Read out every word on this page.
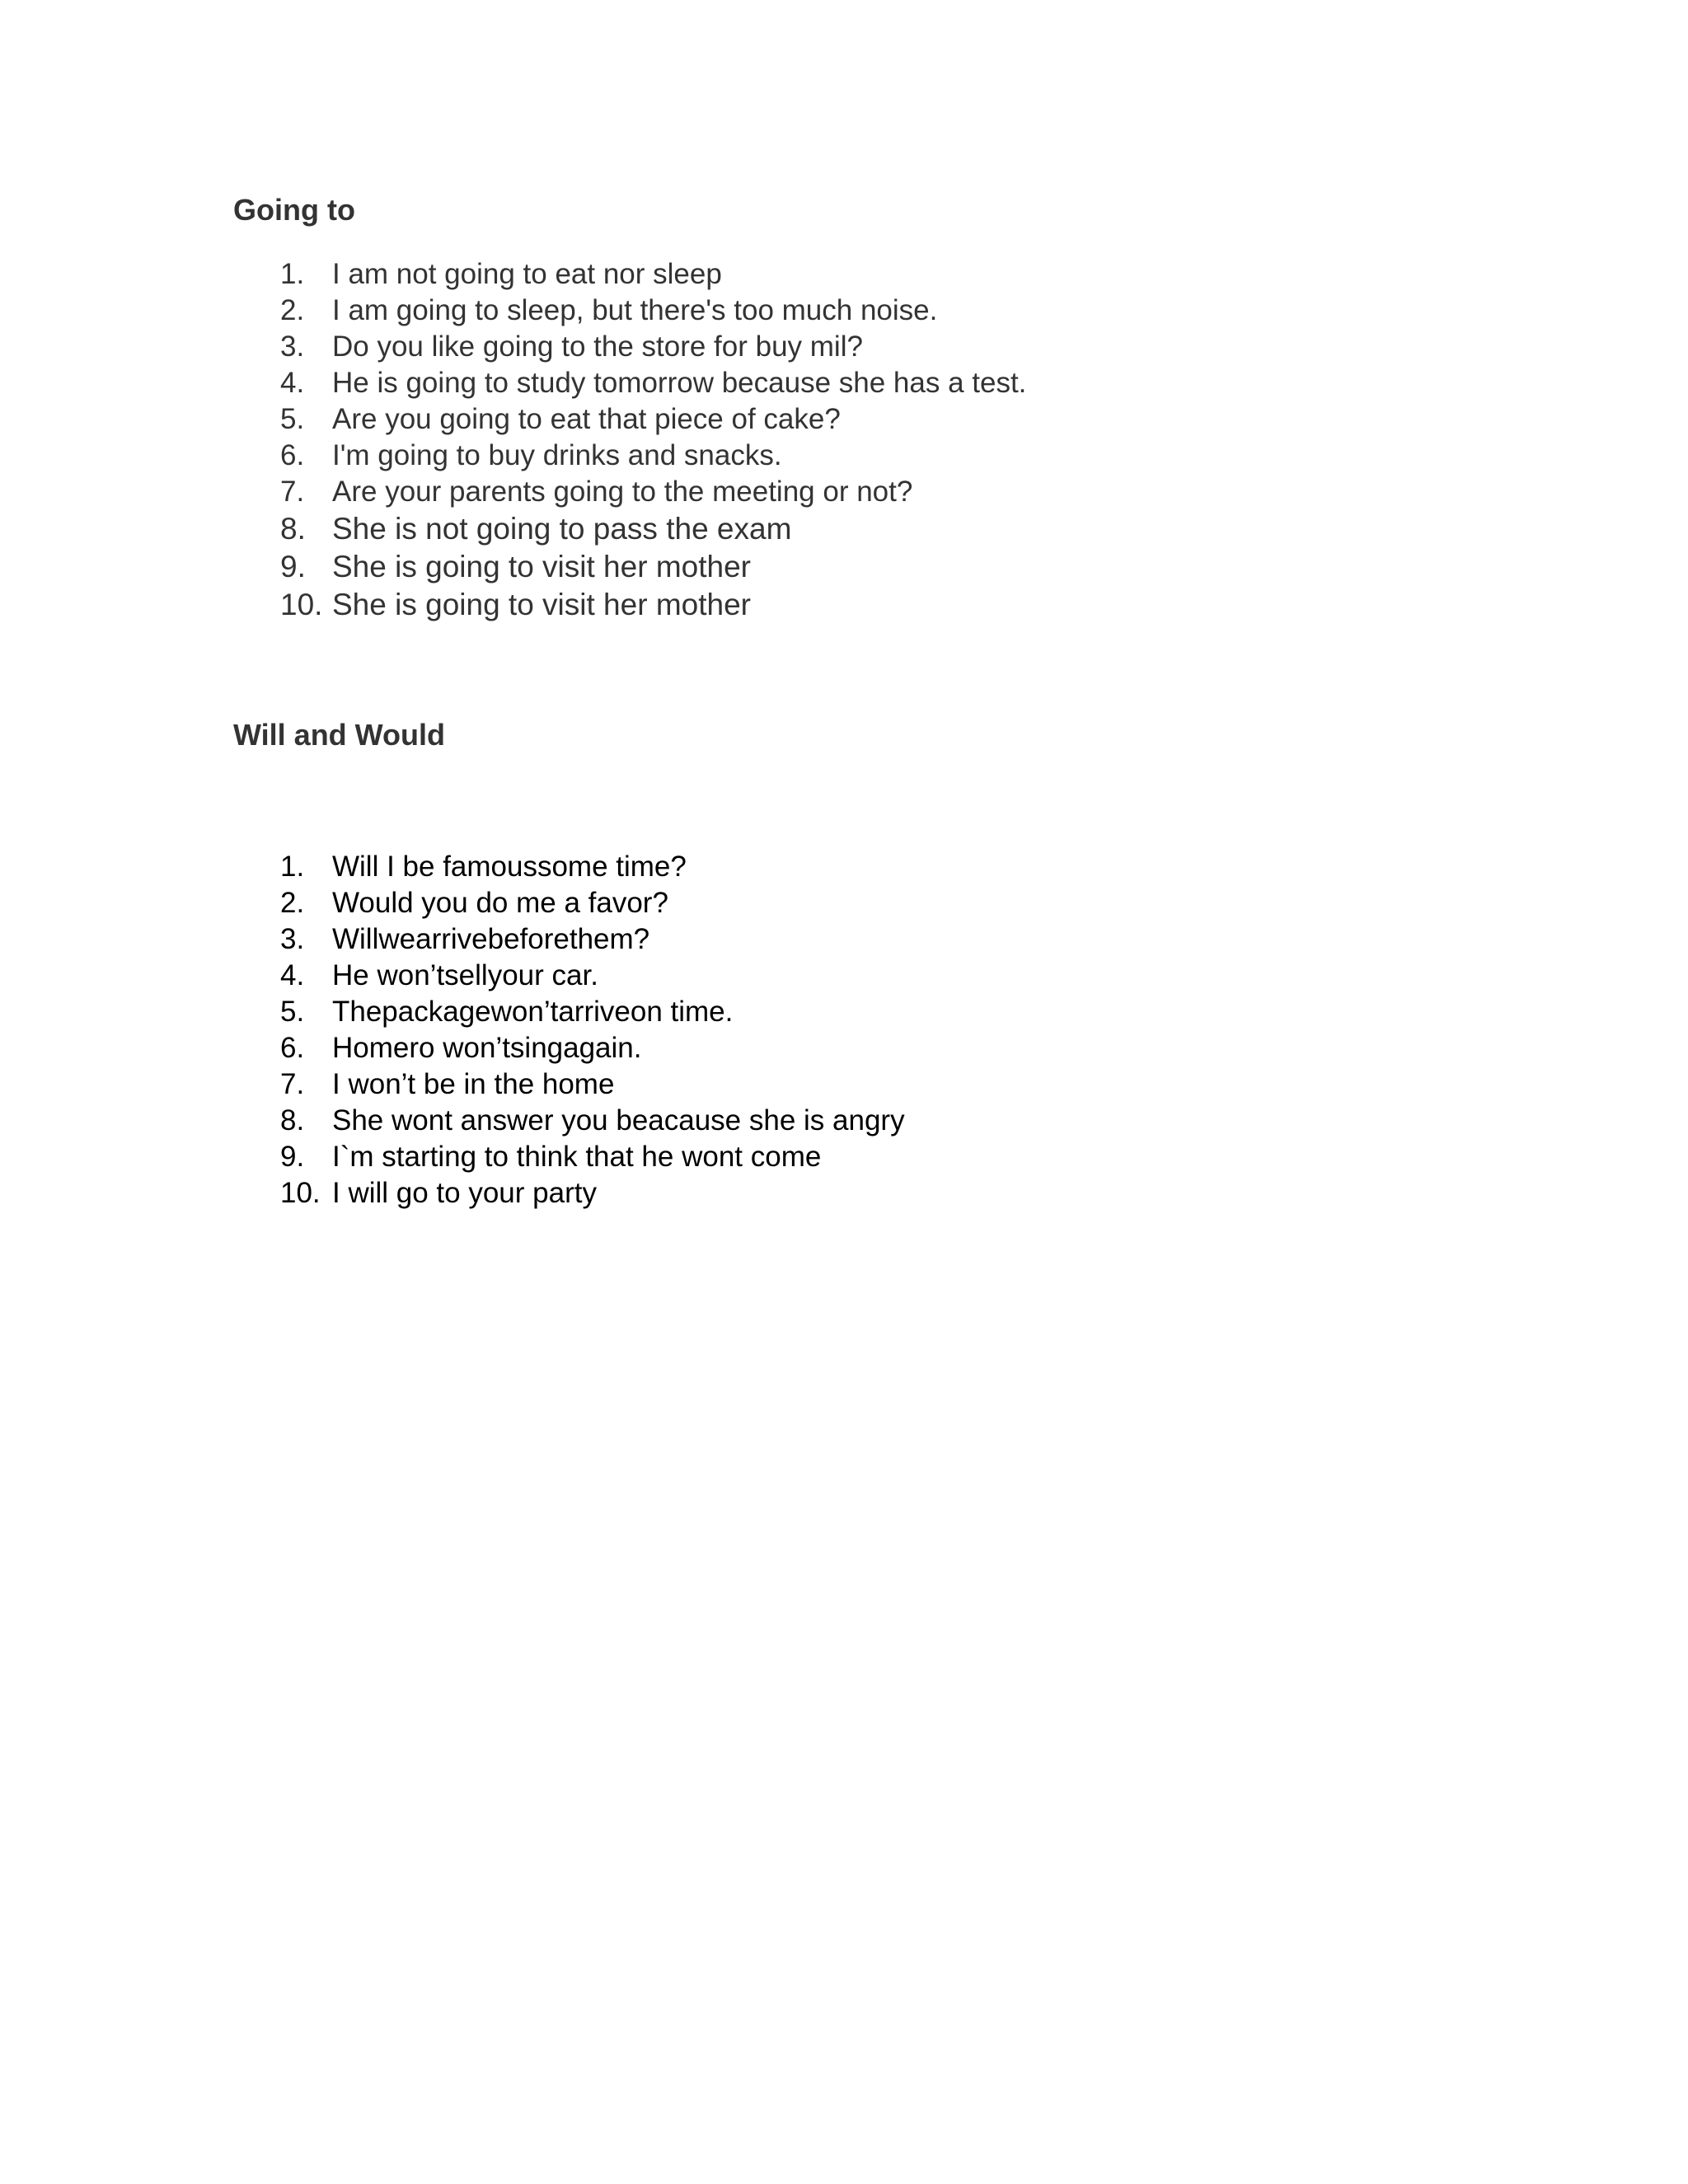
Going to
1. I am not going to eat nor sleep
2. I am going to sleep, but there's too much noise.
3. Do you like going to the store for buy mil?
4. He is going to study tomorrow because she has a test.
5. Are you going to eat that piece of cake?
6. I'm going to buy drinks and snacks.
7. Are your parents going to the meeting or not?
8. She is not going to pass the exam
9. She is going to visit her mother
10. She is going to visit her mother
Will and Would
1. Will I be famoussome time?
2. Would you do me a favor?
3. Willwearrivebeforethem?
4. He won’tsellyour car.
5. Thepackagewon’tarriveon time.
6. Homero won’tsingagain.
7. I won’t be in the home
8. She wont answer you beacause she is angry
9. I`m starting to think that he wont come
10. I will go to your party
